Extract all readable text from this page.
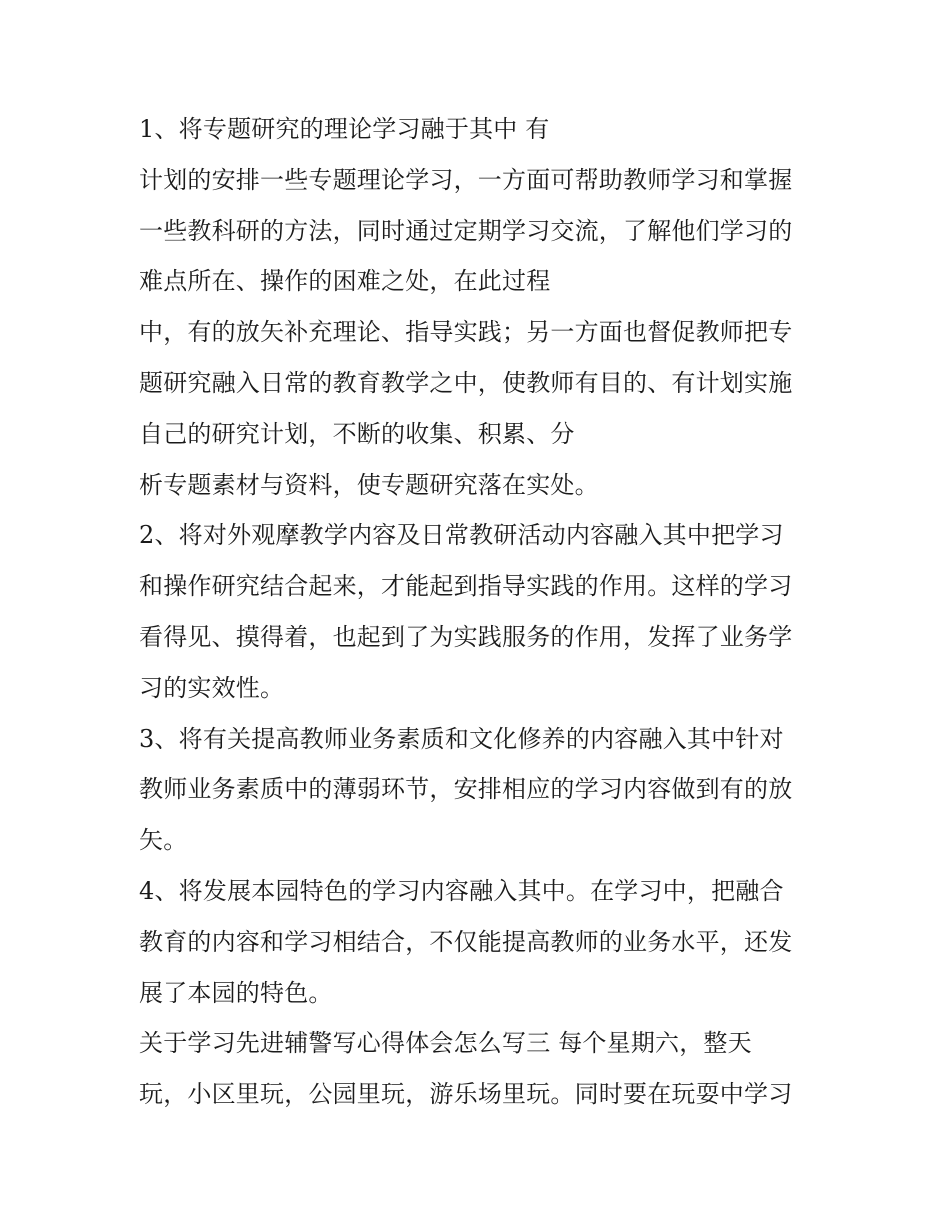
1、将专题研究的理论学习融于其中 有
计划的安排一些专题理论学习，一方面可帮助教师学习和掌握
一些教科研的方法，同时通过定期学习交流，了解他们学习的
难点所在、操作的困难之处，在此过程
中，有的放矢补充理论、指导实践；另一方面也督促教师把专
题研究融入日常的教育教学之中，使教师有目的、有计划实施
自己的研究计划，不断的收集、积累、分
析专题素材与资料，使专题研究落在实处。
2、将对外观摩教学内容及日常教研活动内容融入其中把学习
和操作研究结合起来，才能起到指导实践的作用。这样的学习
看得见、摸得着，也起到了为实践服务的作用，发挥了业务学
习的实效性。
3、将有关提高教师业务素质和文化修养的内容融入其中针对
教师业务素质中的薄弱环节，安排相应的学习内容做到有的放
矢。
4、将发展本园特色的学习内容融入其中。在学习中，把融合
教育的内容和学习相结合，不仅能提高教师的业务水平，还发
展了本园的特色。
关于学习先进辅警写心得体会怎么写三 每个星期六，整天
玩，小区里玩，公园里玩，游乐场里玩。同时要在玩耍中学习
